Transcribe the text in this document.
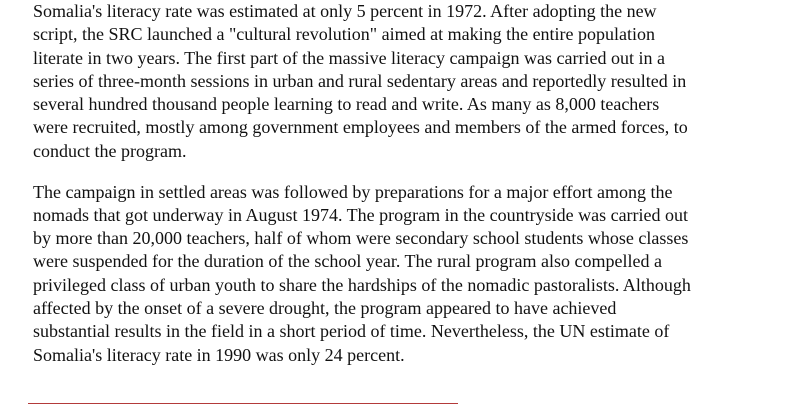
Somalia's literacy rate was estimated at only 5 percent in 1972. After adopting the new
script, the SRC launched a "cultural revolution" aimed at making the entire population
literate in two years. The first part of the massive literacy campaign was carried out in a
series of three-month sessions in urban and rural sedentary areas and reportedly resulted in
several hundred thousand people learning to read and write. As many as 8,000 teachers
were recruited, mostly among government employees and members of the armed forces, to
conduct the program.

The campaign in settled areas was followed by preparations for a major effort among the
nomads that got underway in August 1974. The program in the countryside was carried out
by more than 20,000 teachers, half of whom were secondary school students whose classes
were suspended for the duration of the school year. The rural program also compelled a
privileged class of urban youth to share the hardships of the nomadic pastoralists. Although
affected by the onset of a severe drought, the program appeared to have achieved
substantial results in the field in a short period of time. Nevertheless, the UN estimate of
Somalia's literacy rate in 1990 was only 24 percent.
